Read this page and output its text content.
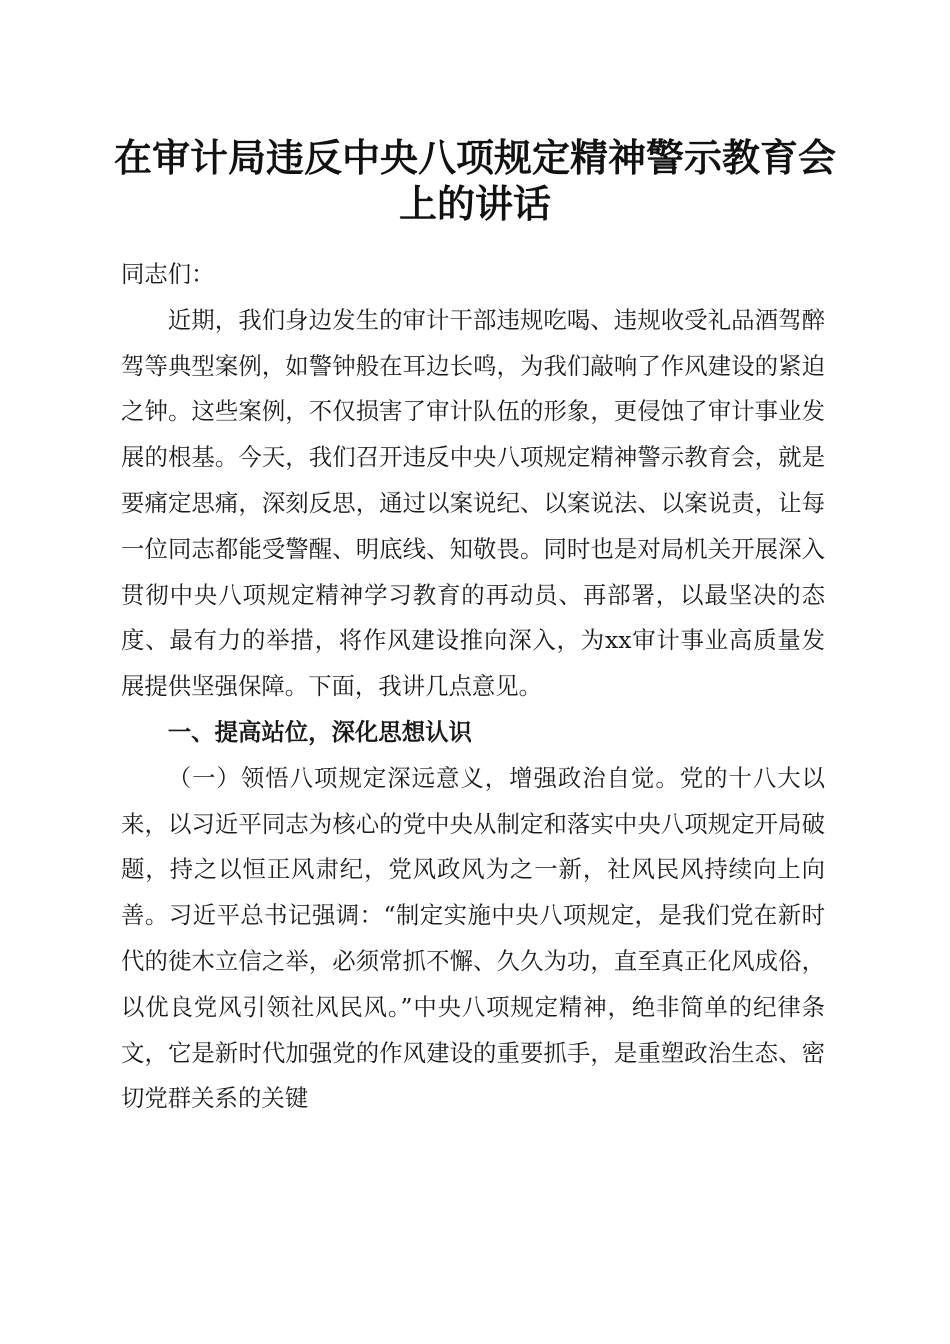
在审计局违反中央八项规定精神警示教育会上的讲话

同志们：

近期，我们身边发生的审计干部违规吃喝、违规收受礼品酒驾醉驾等典型案例，如警钟般在耳边长鸣，为我们敲响了作风建设的紧迫之钟。这些案例，不仅损害了审计队伍的形象，更侵蚀了审计事业发展的根基。今天，我们召开违反中央八项规定精神警示教育会，就是要痛定思痛，深刻反思，通过以案说纪、以案说法、以案说责，让每一位同志都能受警醒、明底线、知敬畏。同时也是对局机关开展深入贯彻中央八项规定精神学习教育的再动员、再部署，以最坚决的态度、最有力的举措，将作风建设推向深入，为xx审计事业高质量发展提供坚强保障。下面，我讲几点意见。

一、提高站位，深化思想认识

（一）领悟八项规定深远意义，增强政治自觉。党的十八大以来，以习近平同志为核心的党中央从制定和落实中央八项规定开局破题，持之以恒正风肃纪，党风政风为之一新，社风民风持续向上向善。习近平总书记强调：“制定实施中央八项规定，是我们党在新时代的徙木立信之举，必须常抓不懈、久久为功，直至真正化风成俗，以优良党风引领社风民风。”中央八项规定精神，绝非简单的纪律条文，它是新时代加强党的作风建设的重要抓手，是重塑政治生态、密切党群关系的关键
